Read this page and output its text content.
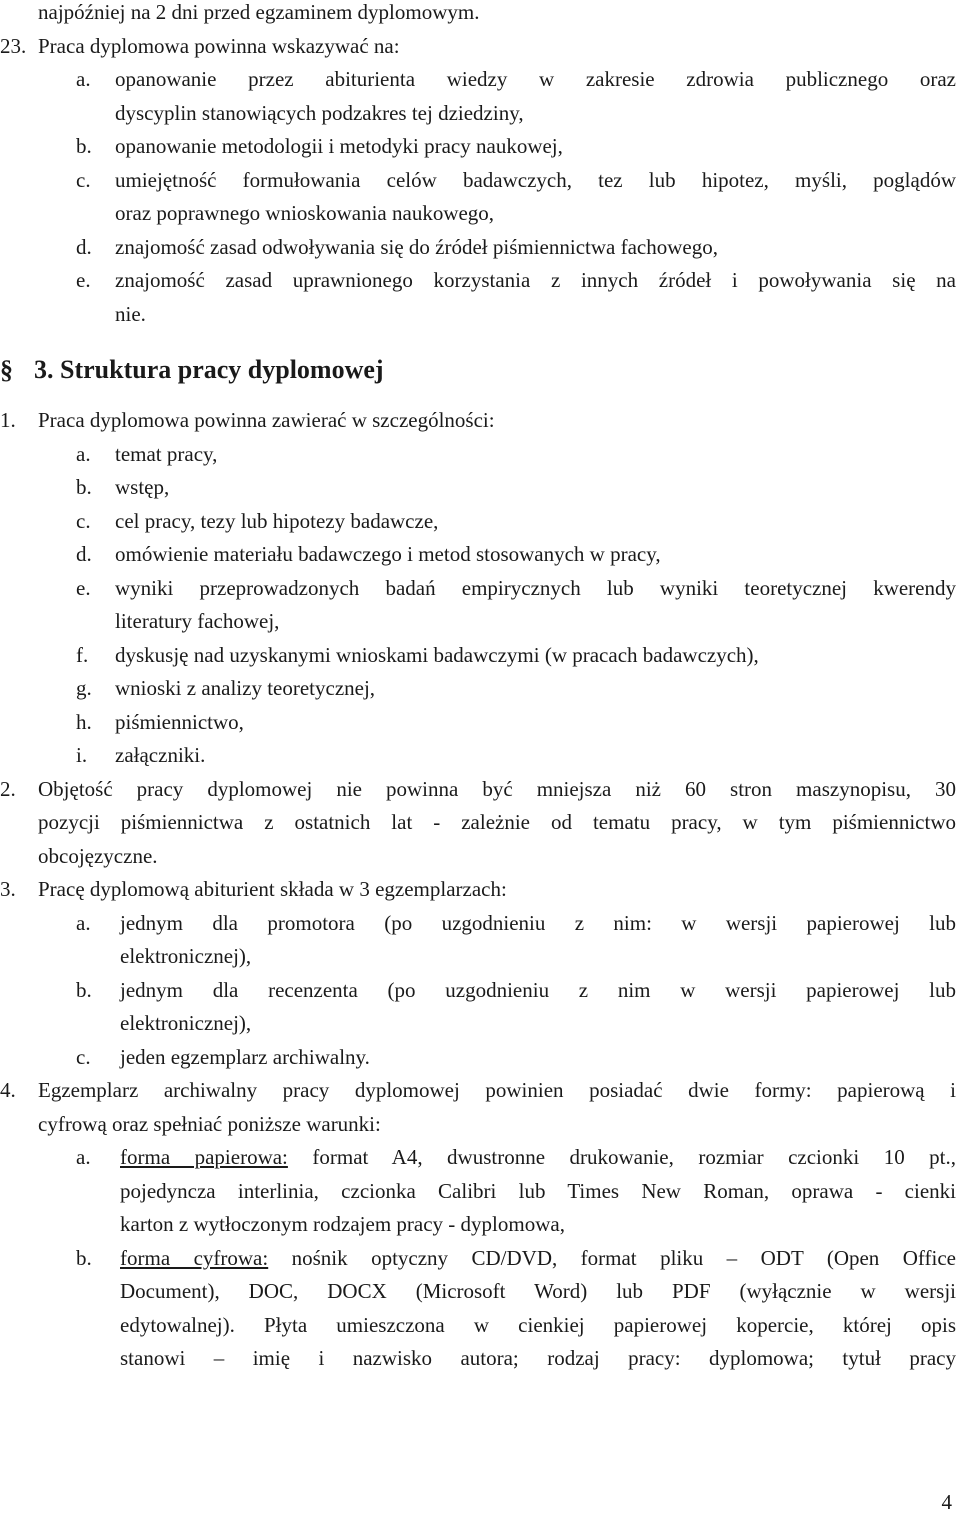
najpóźniej na 2 dni przed egzaminem dyplomowym.
23. Praca dyplomowa powinna wskazywać na:
a. opanowanie przez abiturienta wiedzy w zakresie zdrowia publicznego oraz
dyscyplin stanowiących podzakres tej dziedziny,
b. opanowanie metodologii i metodyki pracy naukowej,
c. umiejętność formułowania celów badawczych, tez lub hipotez, myśli, poglądów
oraz poprawnego wnioskowania naukowego,
d. znajomość zasad odwoływania się do źródeł piśmiennictwa fachowego,
e. znajomość zasad uprawnionego korzystania z innych źródeł i powoływania się na
nie.
§ 3. Struktura pracy dyplomowej
1. Praca dyplomowa powinna zawierać w szczególności:
a. temat pracy,
b. wstęp,
c. cel pracy, tezy lub hipotezy badawcze,
d. omówienie materiału badawczego i metod stosowanych w pracy,
e. wyniki przeprowadzonych badań empirycznych lub wyniki teoretycznej kwerendy
literatury fachowej,
f. dyskusję nad uzyskanymi wnioskami badawczymi (w pracach badawczych),
g. wnioski z analizy teoretycznej,
h. piśmiennictwo,
i. załączniki.
2. Objętość pracy dyplomowej nie powinna być mniejsza niż 60 stron maszynopisu, 30
pozycji piśmiennictwa z ostatnich lat - zależnie od tematu pracy, w tym piśmiennictwo
obcojęzyczne.
3. Pracę dyplomową abiturient składa w 3 egzemplarzach:
a. jednym dla promotora (po uzgodnieniu z nim: w wersji papierowej lub
elektronicznej),
b. jednym dla recenzenta (po uzgodnieniu z nim w wersji papierowej lub
elektronicznej),
c. jeden egzemplarz archiwalny.
4. Egzemplarz archiwalny pracy dyplomowej powinien posiadać dwie formy: papierową i
cyfrową oraz spełniać poniższe warunki:
a. forma papierowa: format A4, dwustronne drukowanie, rozmiar czcionki 10 pt.,
pojedyncza interlinia, czcionka Calibri lub Times New Roman, oprawa - cienki
karton z wytłoczonym rodzajem pracy - dyplomowa,
b. forma cyfrowa: nośnik optyczny CD/DVD, format pliku – ODT (Open Office
Document), DOC, DOCX (Microsoft Word) lub PDF (wyłącznie w wersji
edytowalnej). Płyta umieszczona w cienkiej papierowej kopercie, której opis
stanowi – imię i nazwisko autora; rodzaj pracy: dyplomowa; tytuł pracy
4
